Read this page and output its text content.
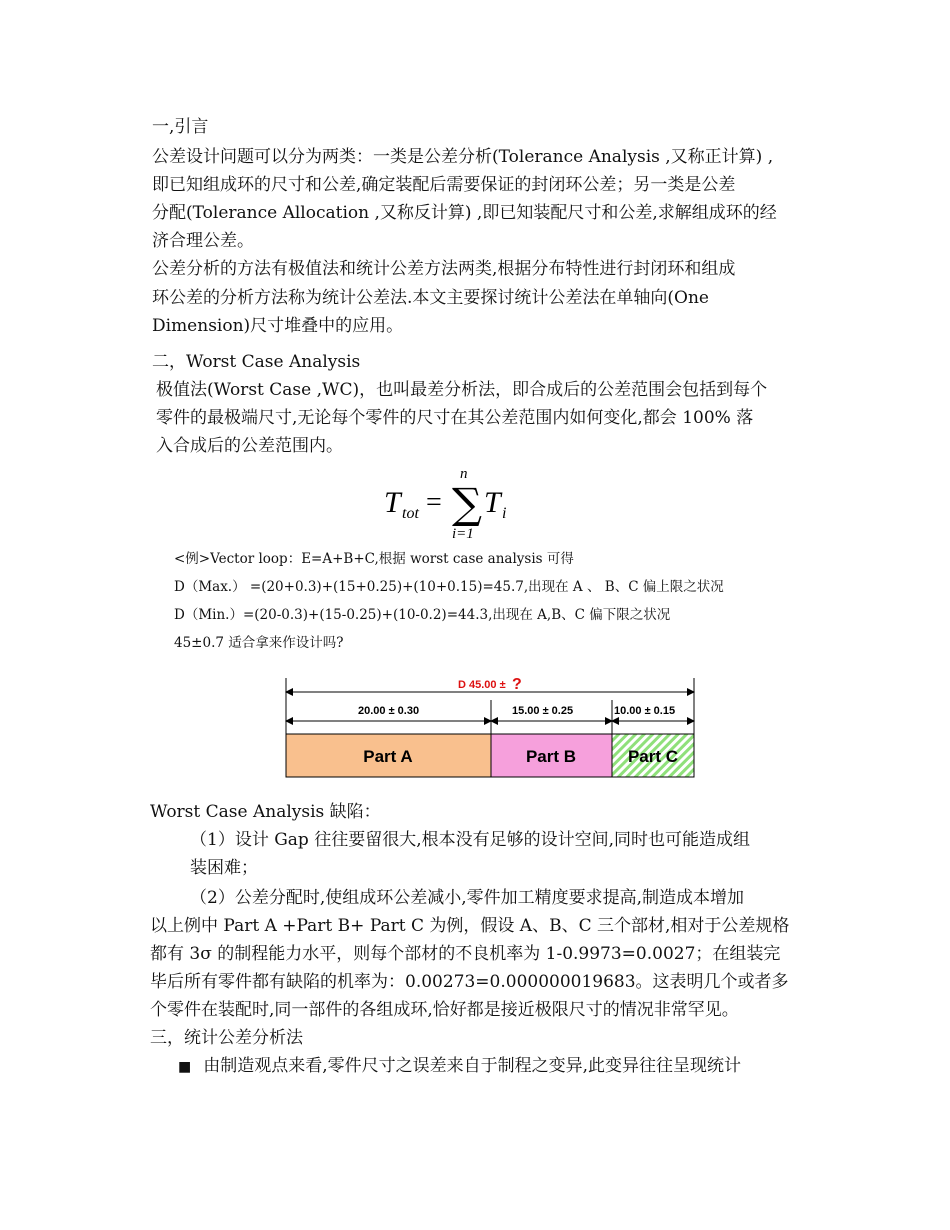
一,引言
公差设计问题可以分为两类：一类是公差分析(Tolerance Analysis ,又称正计算) ,
即已知组成环的尺寸和公差,确定装配后需要保证的封闭环公差；另一类是公差
分配(Tolerance Allocation ,又称反计算) ,即已知装配尺寸和公差,求解组成环的经
济合理公差。
公差分析的方法有极值法和统计公差方法两类,根据分布特性进行封闭环和组成
环公差的分析方法称为统计公差法.本文主要探讨统计公差法在单轴向(One
Dimension)尺寸堆叠中的应用。
二，Worst Case Analysis
极值法(Worst Case ,WC)，也叫最差分析法，即合成后的公差范围会包括到每个
零件的最极端尺寸,无论每个零件的尺寸在其公差范围内如何变化,都会 100% 落
入合成后的公差范围内。
T tot = ∑
n
i=1
T i
<例>Vector loop：E=A+B+C,根据 worst case analysis 可得
D（Max.） =(20+0.3)+(15+0.25)+(10+0.15)=45.7,出现在 A 、 B、C 偏上限之状况
D（Min.）=(20-0.3)+(15-0.25)+(10-0.2)=44.3,出现在 A,B、C 偏下限之状况
45±0.7 适合拿来作设计吗?
D 45.00 ± ?
20.00 ± 0.30	15.00 ± 0.25	10.00 ± 0.15
Part A	Part B	Part C
Worst Case Analysis 缺陷：
（1）设计 Gap 往往要留很大,根本没有足够的设计空间,同时也可能造成组
装困难；
（2）公差分配时,使组成环公差减小,零件加工精度要求提高,制造成本增加
以上例中 Part A +Part B+ Part C 为例，假设 A、B、C 三个部材,相对于公差规格
都有 3σ 的制程能力水平，则每个部材的不良机率为 1-0.9973=0.0027；在组装完
毕后所有零件都有缺陷的机率为：0.00273=0.000000019683。这表明几个或者多
个零件在装配时,同一部件的各组成环,恰好都是接近极限尺寸的情况非常罕见。
三，统计公差分析法
■ 由制造观点来看,零件尺寸之误差来自于制程之变异,此变异往往呈现统计
